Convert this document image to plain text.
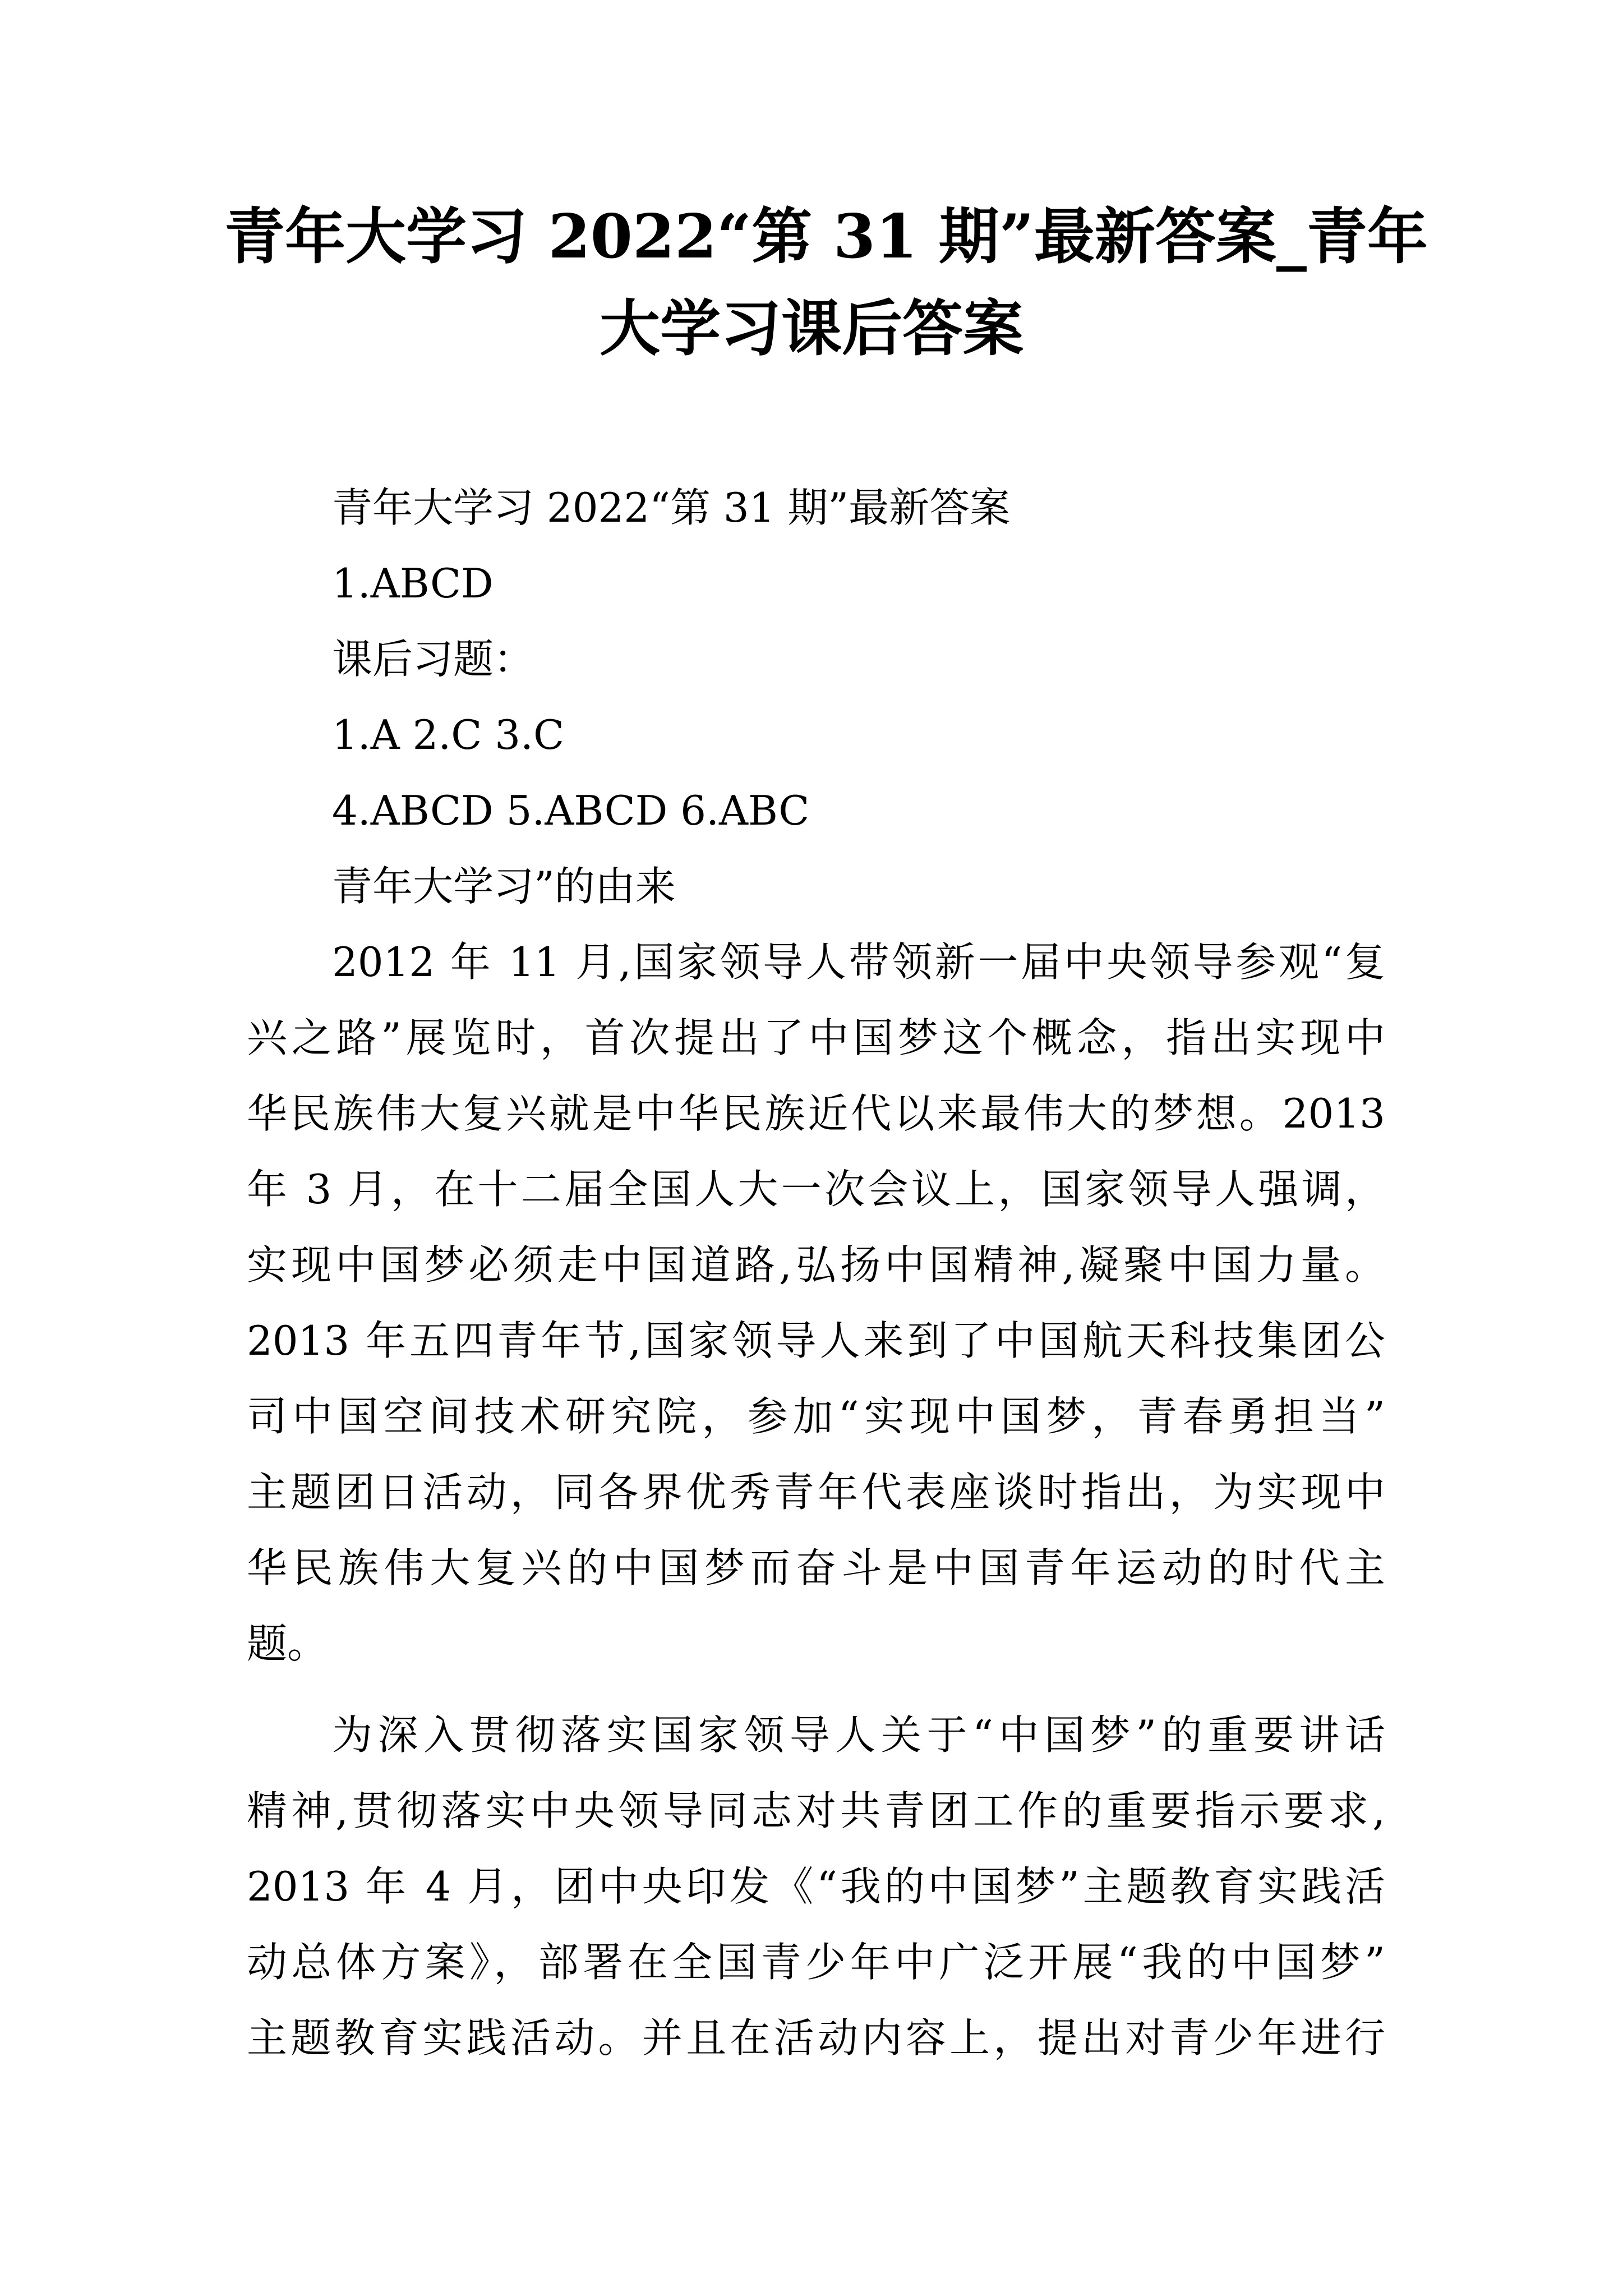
青年大学习 2022“第 31 期”最新答案_青年
大学习课后答案
青年大学习 2022“第 31 期”最新答案
1.ABCD
课后习题：
1.A 2.C 3.C
4.ABCD 5.ABCD 6.ABC
青年大学习”的由来
2012 年 11 月,国家领导人带领新一届中央领导参观“复
兴之路”展览时，首次提出了中国梦这个概念，指出实现中
华民族伟大复兴就是中华民族近代以来最伟大的梦想。2013
年 3 月，在十二届全国人大一次会议上，国家领导人强调，
实现中国梦必须走中国道路,弘扬中国精神,凝聚中国力量。
2013 年五四青年节,国家领导人来到了中国航天科技集团公
司中国空间技术研究院，参加“实现中国梦，青春勇担当”
主题团日活动，同各界优秀青年代表座谈时指出，为实现中
华民族伟大复兴的中国梦而奋斗是中国青年运动的时代主
题。
为深入贯彻落实国家领导人关于“中国梦”的重要讲话
精神,贯彻落实中央领导同志对共青团工作的重要指示要求,
2013 年 4 月，团中央印发《“我的中国梦”主题教育实践活
动总体方案》，部署在全国青少年中广泛开展“我的中国梦”
主题教育实践活动。并且在活动内容上，提出对青少年进行
